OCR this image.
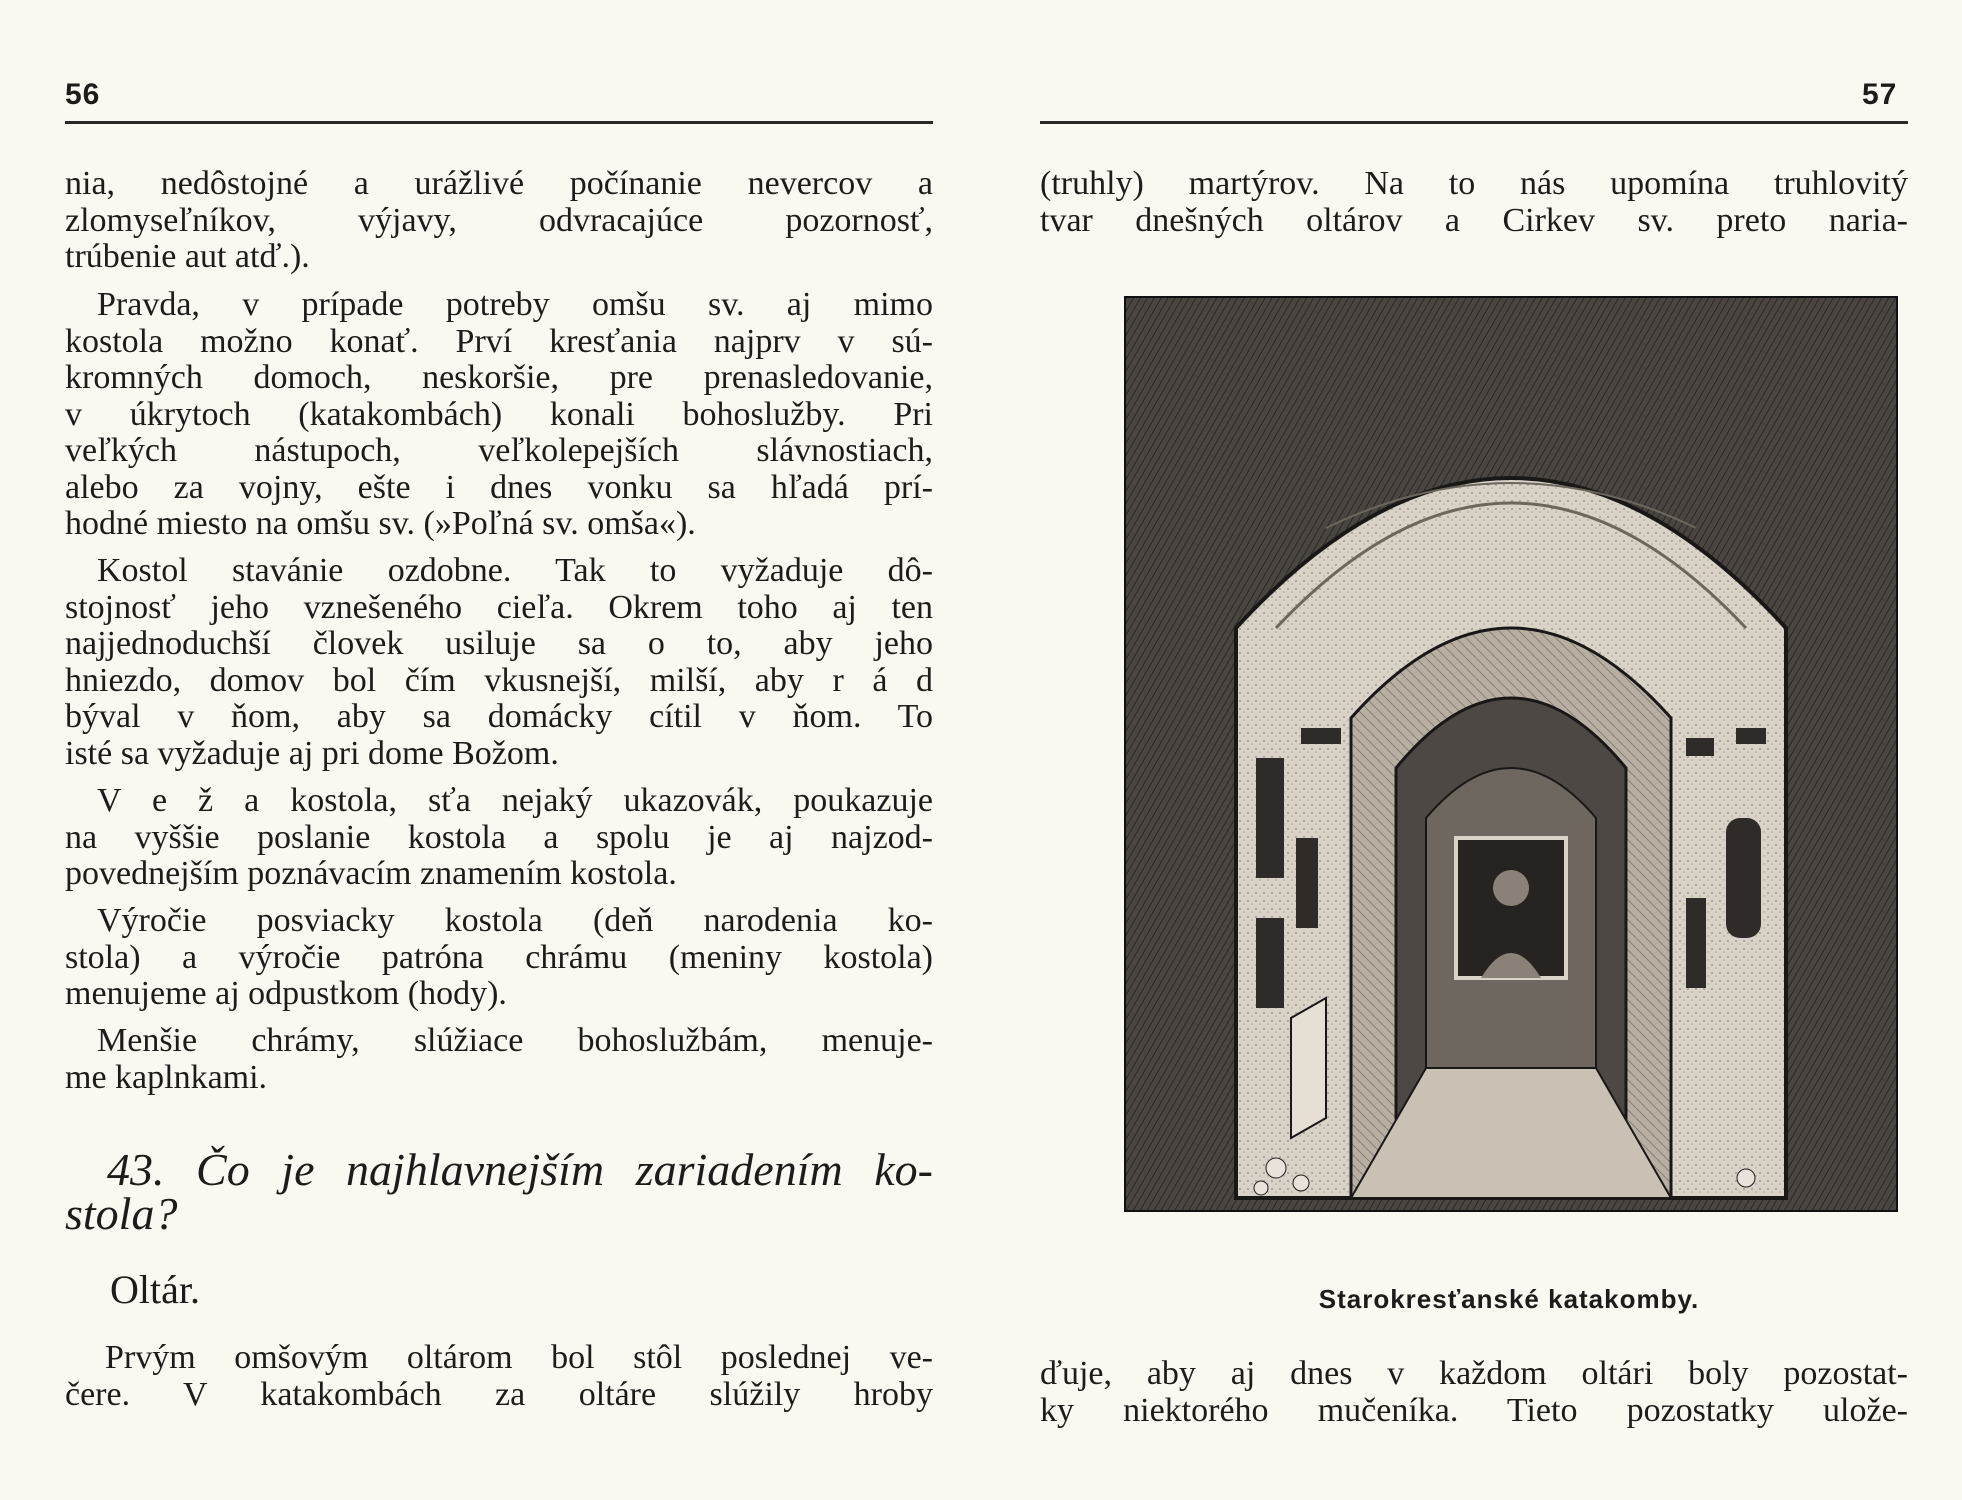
56
nia, nedôstojné a urážlivé počínanie nevercov a
zlomyseľníkov, výjavy, odvracajúce pozornosť,
trúbenie aut atď.).
Pravda, v prípade potreby omšu sv. aj mimo
kostola možno konať. Prví kresťania najprv v sú-
kromných domoch, neskoršie, pre prenasledovanie,
v úkrytoch (katakombách) konali bohoslužby. Pri
veľkých nástupoch, veľkolepejších slávnostiach,
alebo za vojny, ešte i dnes vonku sa hľadá prí-
hodné miesto na omšu sv. (»Poľná sv. omša«).
Kostol stavánie ozdobne. Tak to vyžaduje dô-
stojnosť jeho vznešeného cieľa. Okrem toho aj ten
najjednoduchší človek usiluje sa o to, aby jeho
hniezdo, domov bol čím vkusnejší, milší, aby r á d
býval v ňom, aby sa domácky cítil v ňom. To
isté sa vyžaduje aj pri dome Božom.
V e ž a kostola, sťa nejaký ukazovák, poukazuje
na vyššie poslanie kostola a spolu je aj najzod-
povednejším poznávacím znamením kostola.
Výročie posviacky kostola (deň narodenia ko-
stola) a výročie patróna chrámu (meniny kostola)
menujeme aj odpustkom (hody).
Menšie chrámy, slúžiace bohoslužbám, menuje-
me kaplnkami.
43. Čo je najhlavnejším zariadením ko-
stola?
Oltár.
Prvým omšovým oltárom bol stôl poslednej ve-
čere. V katakombách za oltáre slúžily hroby
57
(truhly) martýrov. Na to nás upomína truhlovitý
tvar dnešných oltárov a Cirkev sv. preto naria-
Starokresťanské katakomby.
ďuje, aby aj dnes v každom oltári boly pozostat-
ky niektorého mučeníka. Tieto pozostatky ulože-
